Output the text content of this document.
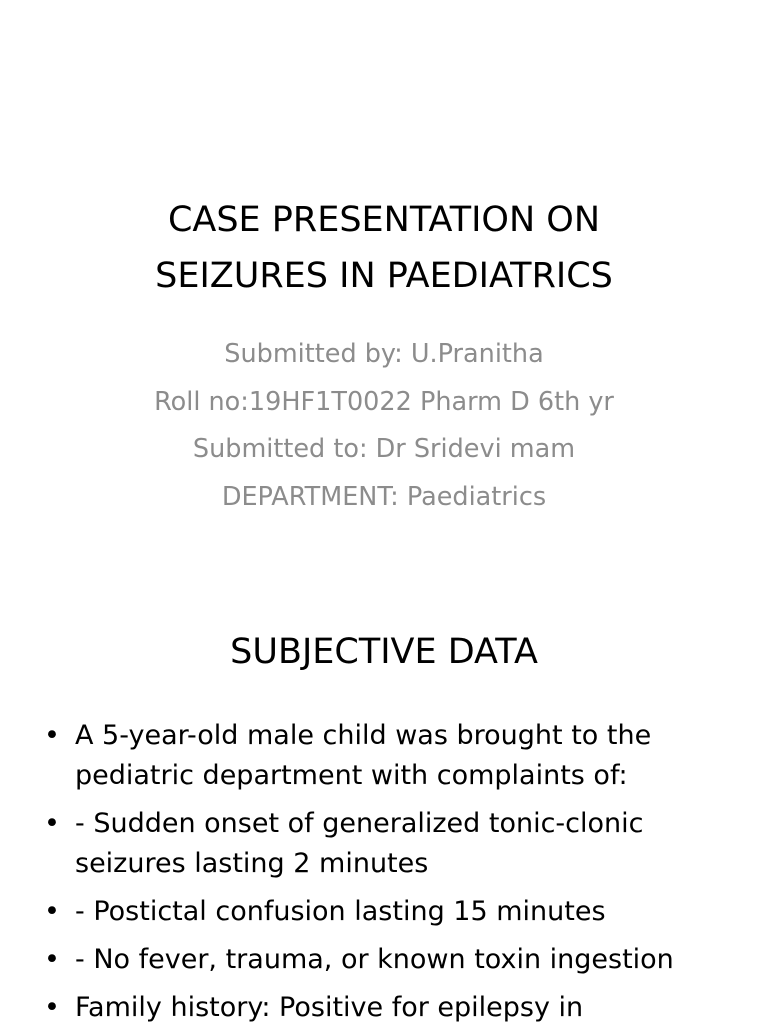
CASE PRESENTATION ON
SEIZURES IN PAEDIATRICS
Submitted by: U.Pranitha
Roll no:19HF1T0022 Pharm D 6th yr
Submitted to: Dr Sridevi mam
DEPARTMENT: Paediatrics
SUBJECTIVE DATA
• A 5-year-old male child was brought to the pediatric department with complaints of:
• - Sudden onset of generalized tonic-clonic seizures lasting 2 minutes
• - Postictal confusion lasting 15 minutes
• - No fever, trauma, or known toxin ingestion
• Family history: Positive for epilepsy in
